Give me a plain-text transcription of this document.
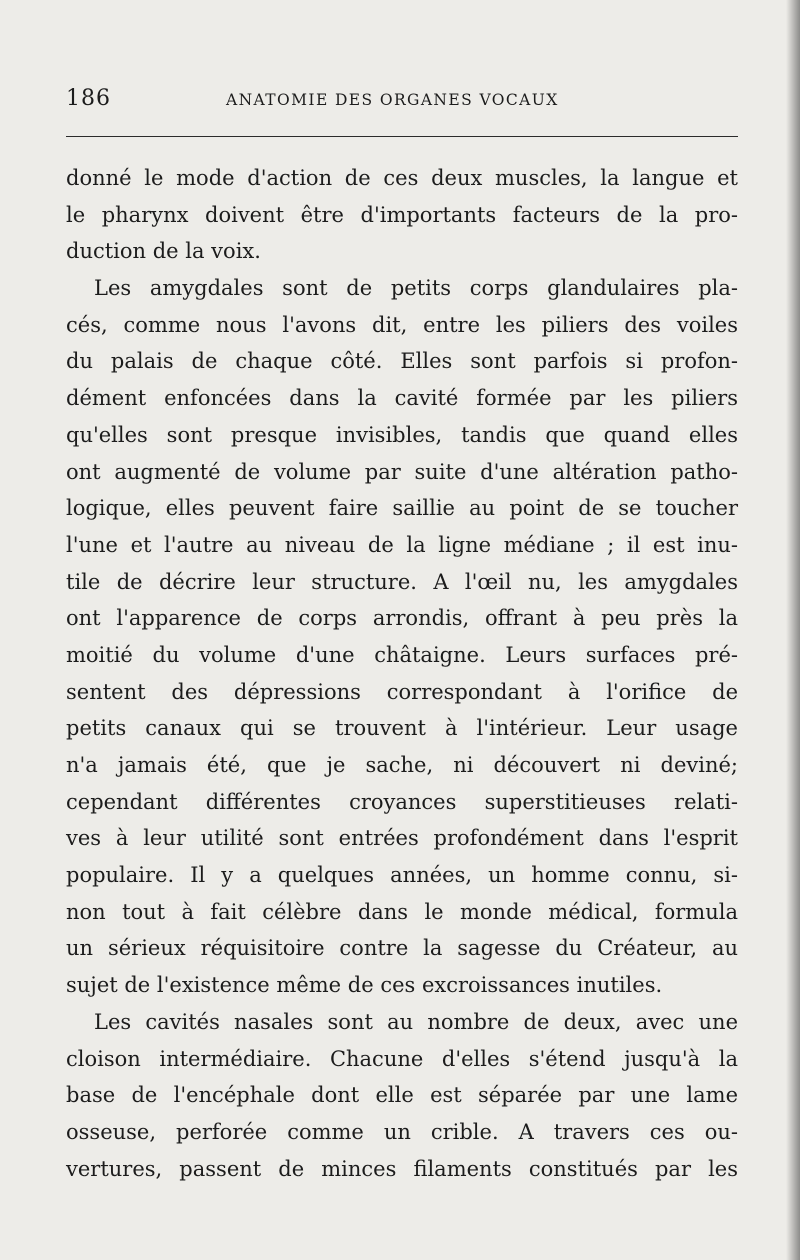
186	ANATOMIE DES ORGANES VOCAUX
donné le mode d'action de ces deux muscles, la langue et
le pharynx doivent être d'importants facteurs de la pro-
duction de la voix.
Les amygdales sont de petits corps glandulaires pla-
cés, comme nous l'avons dit, entre les piliers des voiles
du palais de chaque côté. Elles sont parfois si profon-
dément enfoncées dans la cavité formée par les piliers
qu'elles sont presque invisibles, tandis que quand elles
ont augmenté de volume par suite d'une altération patho-
logique, elles peuvent faire saillie au point de se toucher
l'une et l'autre au niveau de la ligne médiane ; il est inu-
tile de décrire leur structure. A l'œil nu, les amygdales
ont l'apparence de corps arrondis, offrant à peu près la
moitié du volume d'une châtaigne. Leurs surfaces pré-
sentent des dépressions correspondant à l'orifice de
petits canaux qui se trouvent à l'intérieur. Leur usage
n'a jamais été, que je sache, ni découvert ni deviné;
cependant différentes croyances superstitieuses relati-
ves à leur utilité sont entrées profondément dans l'esprit
populaire. Il y a quelques années, un homme connu, si-
non tout à fait célèbre dans le monde médical, formula
un sérieux réquisitoire contre la sagesse du Créateur, au
sujet de l'existence même de ces excroissances inutiles.
Les cavités nasales sont au nombre de deux, avec une
cloison intermédiaire. Chacune d'elles s'étend jusqu'à la
base de l'encéphale dont elle est séparée par une lame
osseuse, perforée comme un crible. A travers ces ou-
vertures, passent de minces filaments constitués par les
